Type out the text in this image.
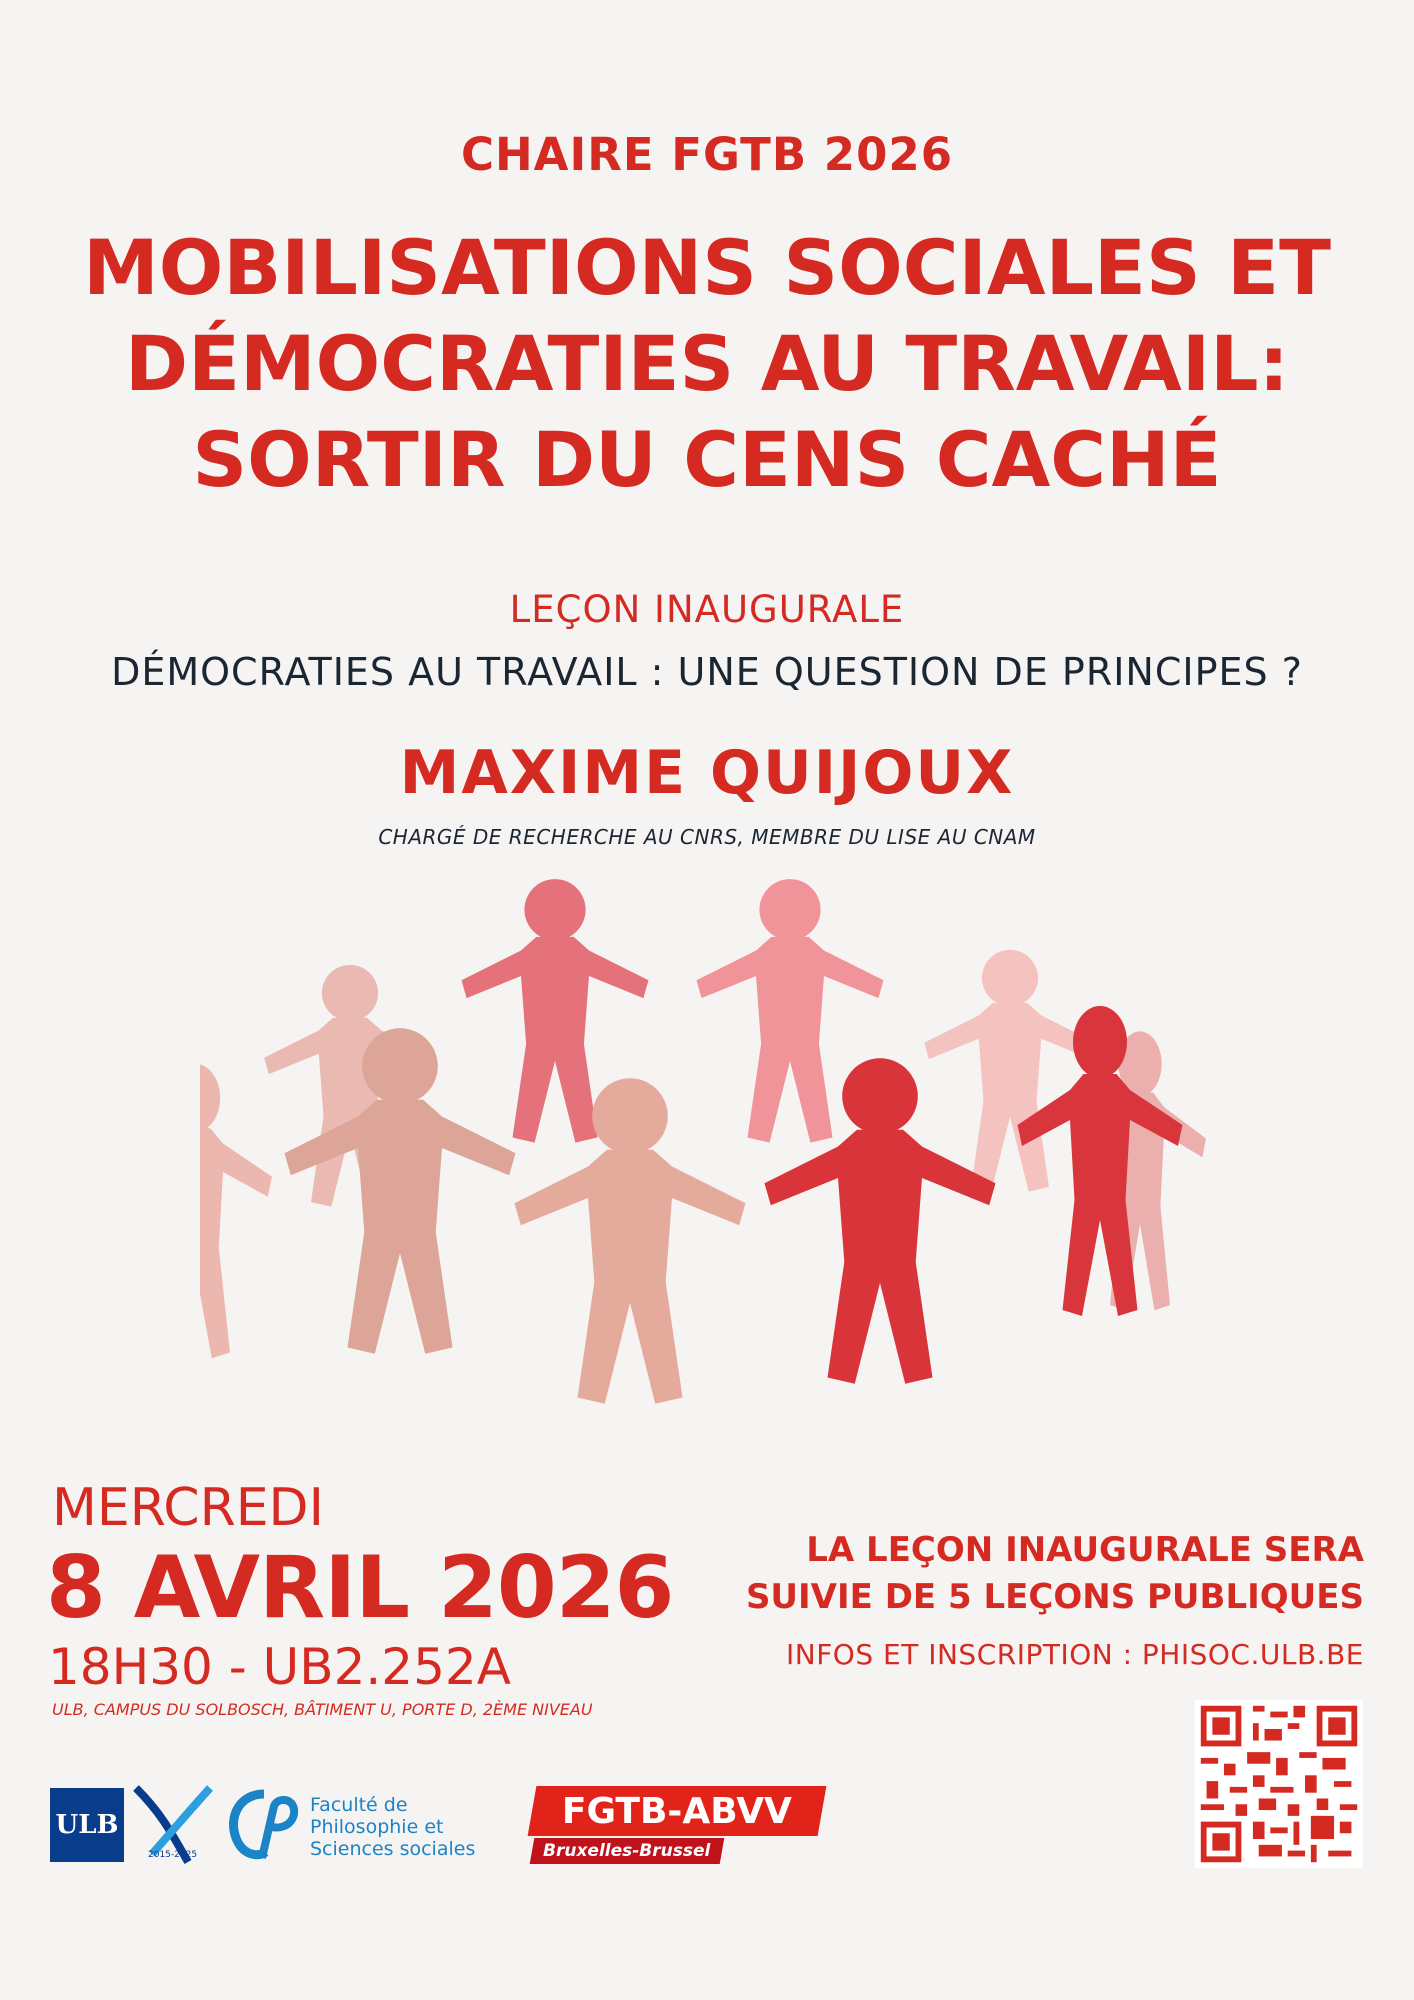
CHAIRE FGTB 2026
MOBILISATIONS SOCIALES ET
DÉMOCRATIES AU TRAVAIL:
SORTIR DU CENS CACHÉ
LEÇON INAUGURALE
DÉMOCRATIES AU TRAVAIL : UNE QUESTION DE PRINCIPES ?
MAXIME QUIJOUX
CHARGÉ DE RECHERCHE AU CNRS, MEMBRE DU LISE AU CNAM
MERCREDI
8 AVRIL 2026
18H30 - UB2.252A
ULB, CAMPUS DU SOLBOSCH, BÂTIMENT U, PORTE D, 2ÈME NIVEAU
LA LEÇON INAUGURALE SERA
SUIVIE DE 5 LEÇONS PUBLIQUES
INFOS ET INSCRIPTION : PHISOC.ULB.BE
ULB
2015-2025
Faculté de
Philosophie et
Sciences sociales
FGTB-ABVV
Bruxelles-Brussel
